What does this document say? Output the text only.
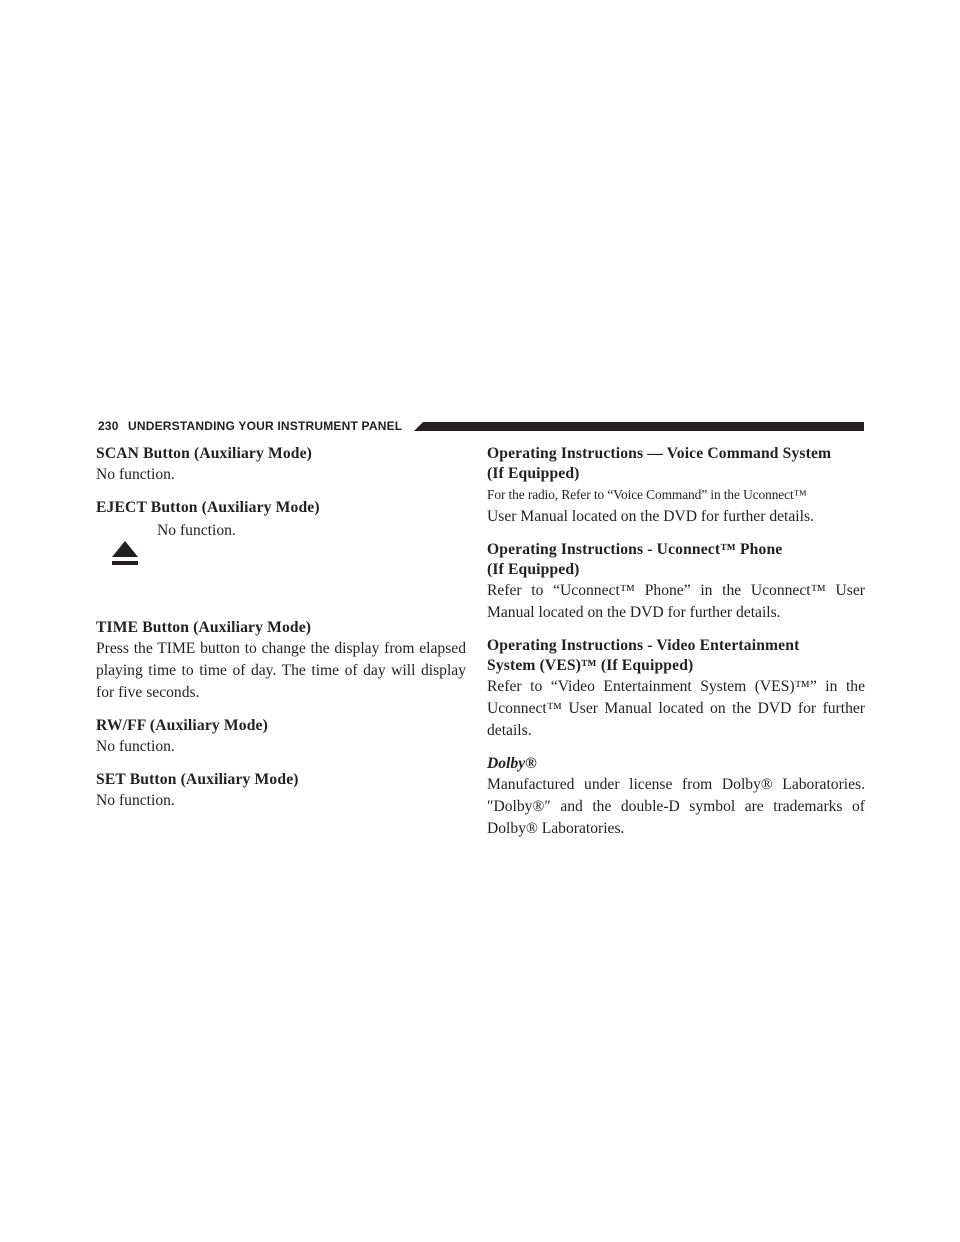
230 UNDERSTANDING YOUR INSTRUMENT PANEL
SCAN Button (Auxiliary Mode)

No function.

EJECT Button (Auxiliary Mode)
No function.
TIME Button (Auxiliary Mode)

Press the TIME button to change the display from elapsed playing time to time of day. The time of day will display for five seconds.

RW/FF (Auxiliary Mode)

No function.

SET Button (Auxiliary Mode)

No function.

Operating Instructions — Voice Command System
(If Equipped)

For the radio, Refer to “Voice Command” in the Uconnect™
User Manual located on the DVD for further details.

Operating Instructions - Uconnect™ Phone
(If Equipped)

Refer to “Uconnect™ Phone” in the Uconnect™ User Manual located on the DVD for further details.

Operating Instructions - Video Entertainment
System (VES)™ (If Equipped)

Refer to “Video Entertainment System (VES)™” in the Uconnect™ User Manual located on the DVD for further details.

Dolby®

Manufactured under license from Dolby® Laboratories. ″Dolby®″ and the double-D symbol are trademarks of Dolby® Laboratories.
